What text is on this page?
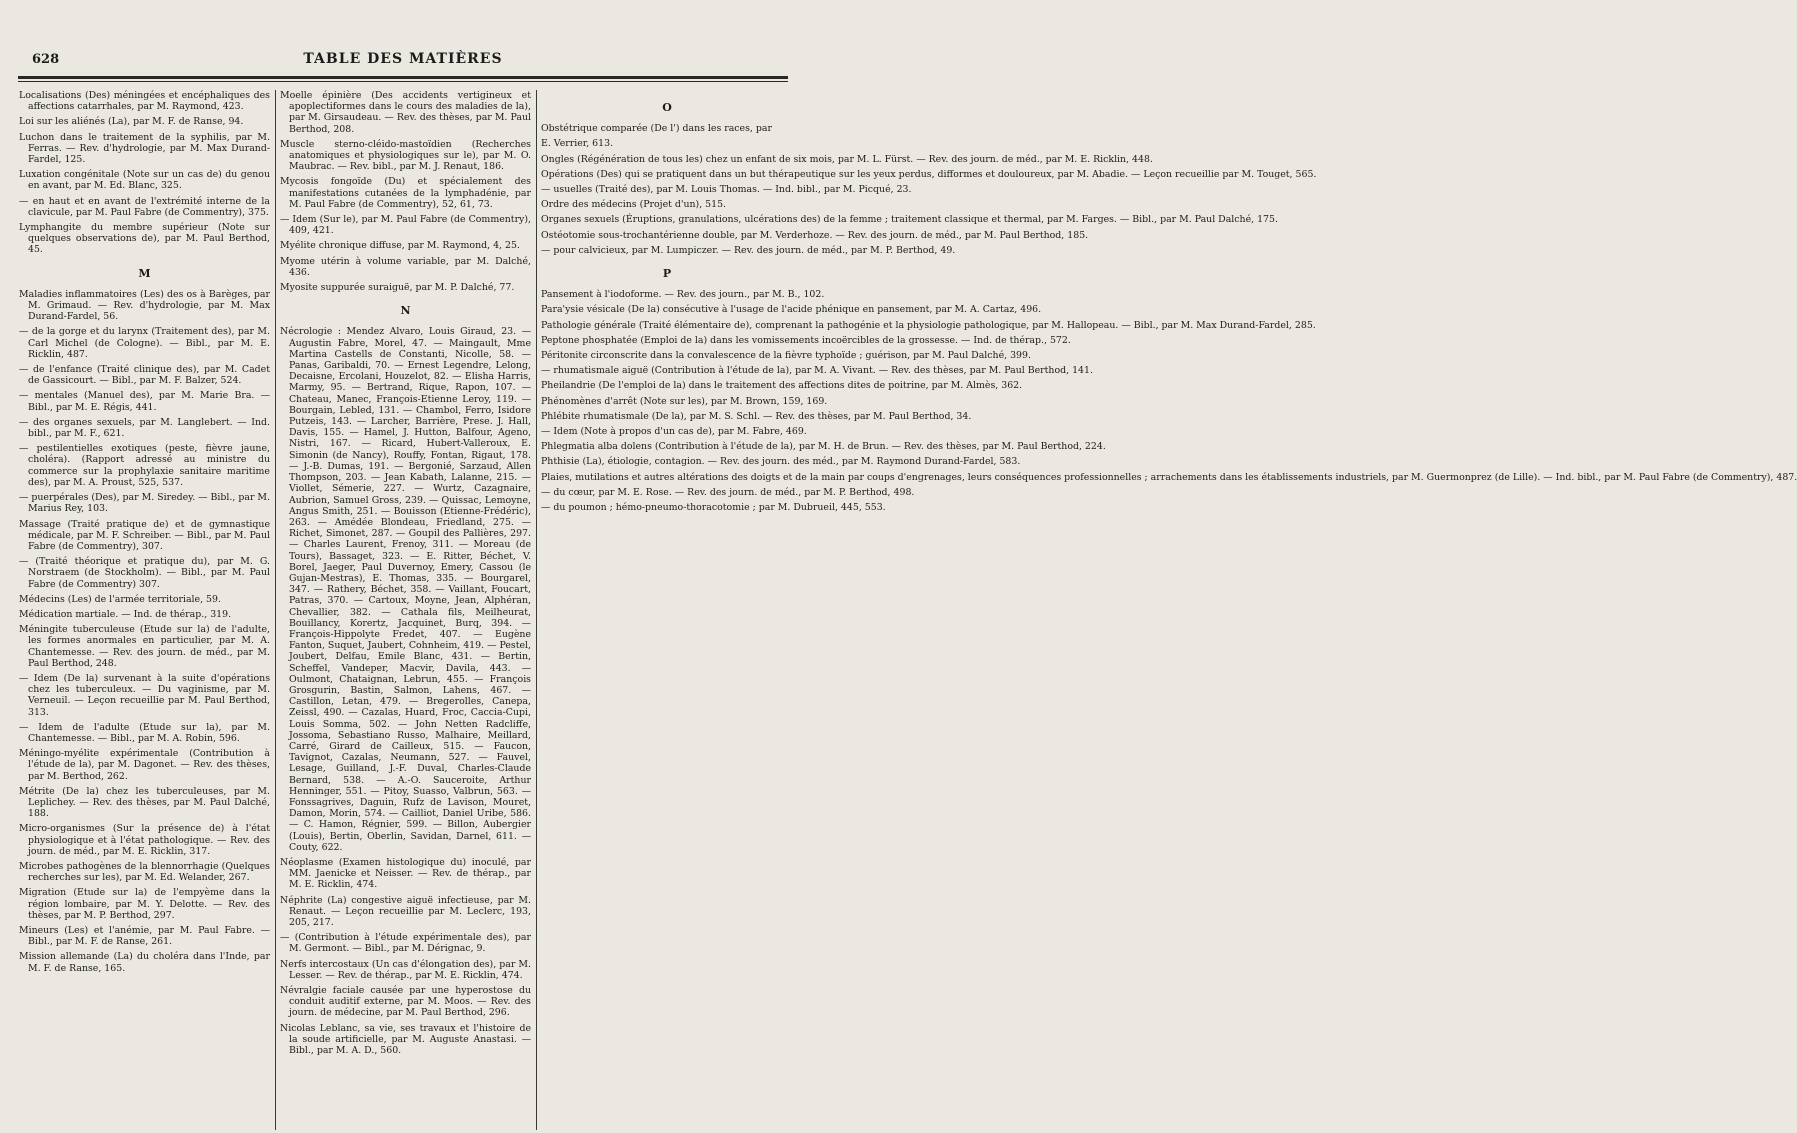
628	TABLE DES MATIÈRES
Localisations (Des) méningées et encéphaliques des affections catarrhales, par M. Raymond, 423.
Loi sur les aliénés (La), par M. F. de Ranse, 94.
Luchon dans le traitement de la syphilis, par M. Ferras. — Rev. d'hydrologie, par M. Max Durand-Fardel, 125.
Luxation congénitale (Note sur un cas de) du genou en avant, par M. Ed. Blanc, 325.
— en haut et en avant de l'extrémité interne de la clavicule, par M. Paul Fabre (de Commentry), 375.
Lymphangite du membre supérieur (Note sur quelques observations de), par M. Paul Berthod, 45.
M
Maladies inflammatoires (Les) des os à Barèges, par M. Grimaud. — Rev. d'hydrologie, par M. Max Durand-Fardel, 56.
— de la gorge et du larynx (Traitement des), par M. Carl Michel (de Cologne). — Bibl., par M. E. Ricklin, 487.
— de l'enfance (Traité clinique des), par M. Cadet de Gassicourt. — Bibl., par M. F. Balzer, 524.
— mentales (Manuel des), par M. Marie Bra. — Bibl., par M. E. Régis, 441.
— des organes sexuels, par M. Langlebert. — Ind. bibl., par M. F., 621.
— pestilentielles exotiques (peste, fièvre jaune, choléra). (Rapport adressé au ministre du commerce sur la prophylaxie sanitaire maritime des), par M. A. Proust, 525, 537.
— puerpérales (Des), par M. Siredey. — Bibl., par M. Marius Rey, 103.
Massage (Traité pratique de) et de gymnastique médicale, par M. F. Schreiber. — Bibl., par M. Paul Fabre (de Commentry), 307.
— (Traité théorique et pratique du), par M. G. Norstraem (de Stockholm). — Bibl., par M. Paul Fabre (de Commentry) 307.
Médecins (Les) de l'armée territoriale, 59.
Médication martiale. — Ind. de thérap., 319.
Méningite tuberculeuse (Etude sur la) de l'adulte, les formes anormales en particulier, par M. A. Chantemesse. — Rev. des journ. de méd., par M. Paul Berthod, 248.
— Idem (De la) survenant à la suite d'opérations chez les tuberculeux. — Du vaginisme, par M. Verneuil. — Leçon recueillie par M. Paul Berthod, 313.
— Idem de l'adulte (Etude sur la), par M. Chantemesse. — Bibl., par M. A. Robin, 596.
Méningo-myélite expérimentale (Contribution à l'étude de la), par M. Dagonet. — Rev. des thèses, par M. Berthod, 262.
Métrite (De la) chez les tuberculeuses, par M. Leplichey. — Rev. des thèses, par M. Paul Dalché, 188.
Micro-organismes (Sur la présence de) à l'état physiologique et à l'état pathologique. — Rev. des journ. de méd., par M. E. Ricklin, 317.
Microbes pathogènes de la blennorrhagie (Quelques recherches sur les), par M. Ed. Welander, 267.
Migration (Etude sur la) de l'empyème dans la région lombaire, par M. Y. Delotte. — Rev. des thèses, par M. P. Berthod, 297.
Mineurs (Les) et l'anémie, par M. Paul Fabre. — Bibl., par M. F. de Ranse, 261.
Mission allemande (La) du choléra dans l'Inde, par M. F. de Ranse, 165.
Moelle épinière (Des accidents vertigineux et apoplectiformes dans le cours des maladies de la), par M. Girsaudeau. — Rev. des thèses, par M. Paul Berthod, 208.
Muscle sterno-cléido-mastoïdien (Recherches anatomiques et physiologiques sur le), par M. O. Maubrac. — Rev. bibl., par M. J. Renaut, 186.
Mycosis fongoïde (Du) et spécialement des manifestations cutanées de la lymphadénie, par M. Paul Fabre (de Commentry), 52, 61, 73.
— Idem (Sur le), par M. Paul Fabre (de Commentry), 409, 421.
Myélite chronique diffuse, par M. Raymond, 4, 25.
Myome utérin à volume variable, par M. Dalché, 436.
Myosite suppurée suraiguë, par M. P. Dalché, 77.
N
Nécrologie : Mendez Alvaro, Louis Giraud, 23. — Augustin Fabre, Morel, 47. — Maingault, Mme Martina Castells de Constanti, Nicolle, 58. — Panas, Garibaldi, 70. — Ernest Legendre, Lelong, Decaisne, Ercolani, Houzelot, 82. — Elisha Harris, Marmy, 95. — Bertrand, Rique, Rapon, 107. — Chateau, Manec, François-Etienne Leroy, 119. — Bourgain, Lebled, 131. — Chambol, Ferro, Isidore Putzeis, 143. — Larcher, Barrière, Prese. J. Hall, Davis, 155. — Hamel, J. Hutton, Balfour, Ageno, Nistri, 167. — Ricard, Hubert-Valleroux, E. Simonin (de Nancy), Rouffy, Fontan, Rigaut, 178. — J.-B. Dumas, 191. — Bergonié, Sarzaud, Allen Thompson, 203. — Jean Kabath, Lalanne, 215. — Viollet, Sémerie, 227. — Wurtz, Cazagnaire, Aubrion, Samuel Gross, 239. — Quissac, Lemoyne, Angus Smith, 251. — Bouisson (Etienne-Frédéric), 263. — Amédée Blondeau, Friedland, 275. — Richet, Simonet, 287. — Goupil des Pallières, 297. — Charles Laurent, Frenoy, 311. — Moreau (de Tours), Bassaget, 323. — E. Ritter, Béchet, V. Borel, Jaeger, Paul Duvernoy, Emery, Cassou (le Gujan-Mestras), E. Thomas, 335. — Bourgarel, 347. — Rathery, Béchet, 358. — Vaillant, Foucart, Patras, 370. — Cartoux, Moyne, Jean, Alphéran, Chevallier, 382. — Cathala fils, Meilheurat, Bouillancy, Korertz, Jacquinet, Burq, 394. — François-Hippolyte Fredet, 407. — Eugène Fanton, Suquet, Jaubert, Cohnheim, 419. — Pestel, Joubert, Delfau, Emile Blanc, 431. — Bertin, Scheffel, Vandeper, Macvir, Davila, 443. — Oulmont, Chataignan, Lebrun, 455. — François Grosgurin, Bastin, Salmon, Lahens, 467. — Castillon, Letan, 479. — Bregerolles, Canepa, Zeissl, 490. — Cazalas, Huard, Froc, Caccia-Cupi, Louis Somma, 502. — John Netten Radcliffe, Jossoma, Sebastiano Russo, Malhaire, Meillard, Carré, Girard de Cailleux, 515. — Faucon, Tavignot, Cazalas, Neumann, 527. — Fauvel, Lesage, Guilland, J.-F. Duval, Charles-Claude Bernard, 538. — A.-O. Sauceroite, Arthur Henninger, 551. — Pitoy, Suasso, Valbrun, 563. — Fonssagrives, Daguin, Rufz de Lavison, Mouret, Damon, Morin, 574. — Cailliot, Daniel Uribe, 586. — C. Hamon, Régnier, 599. — Billon, Aubergier (Louis), Bertin, Oberlin, Savidan, Darnel, 611. — Couty, 622.
Néoplasme (Examen histologique du) inoculé, par MM. Jaenicke et Neisser. — Rev. de thérap., par M. E. Ricklin, 474.
Néphrite (La) congestive aiguë infectieuse, par M. Renaut. — Leçon recueillie par M. Leclerc, 193, 205, 217.
— (Contribution à l'étude expérimentale des), par M. Germont. — Bibl., par M. Dérignac, 9.
Nerfs intercostaux (Un cas d'élongation des), par M. Lesser. — Rev. de thérap., par M. E. Ricklin, 474.
Névralgie faciale causée par une hyperostose du conduit auditif externe, par M. Moos. — Rev. des journ. de médecine, par M. Paul Berthod, 296.
Nicolas Leblanc, sa vie, ses travaux et l'histoire de la soude artificielle, par M. Auguste Anastasi. — Bibl., par M. A. D., 560.
O
Obstétrique comparée (De l') dans les races, par
E. Verrier, 613.
Ongles (Régénération de tous les) chez un enfant de six mois, par M. L. Fürst. — Rev. des journ. de méd., par M. E. Ricklin, 448.
Opérations (Des) qui se pratiquent dans un but thérapeutique sur les yeux perdus, difformes et douloureux, par M. Abadie. — Leçon recueillie par M. Touget, 565.
— usuelles (Traité des), par M. Louis Thomas. — Ind. bibl., par M. Picqué, 23.
Ordre des médecins (Projet d'un), 515.
Organes sexuels (Éruptions, granulations, ulcérations des) de la femme ; traitement classique et thermal, par M. Farges. — Bibl., par M. Paul Dalché, 175.
Ostéotomie sous-trochantérienne double, par M. Verderhoze. — Rev. des journ. de méd., par M. Paul Berthod, 185.
— pour calvicieux, par M. Lumpiczer. — Rev. des journ. de méd., par M. P. Berthod, 49.
P
Pansement à l'iodoforme. — Rev. des journ., par M. B., 102.
Para'ysie vésicale (De la) consécutive à l'usage de l'acide phénique en pansement, par M. A. Cartaz, 496.
Pathologie générale (Traité élémentaire de), comprenant la pathogénie et la physiologie pathologique, par M. Hallopeau. — Bibl., par M. Max Durand-Fardel, 285.
Peptone phosphatée (Emploi de la) dans les vomissements incoërcibles de la grossesse. — Ind. de thérap., 572.
Péritonite circonscrite dans la convalescence de la fièvre typhoïde ; guérison, par M. Paul Dalché, 399.
— rhumatismale aiguë (Contribution à l'étude de la), par M. A. Vivant. — Rev. des thèses, par M. Paul Berthod, 141.
Pheilandrie (De l'emploi de la) dans le traitement des affections dites de poitrine, par M. Almès, 362.
Phénomènes d'arrêt (Note sur les), par M. Brown, 159, 169.
Phlébite rhumatismale (De la), par M. S. Schl. — Rev. des thèses, par M. Paul Berthod, 34.
— Idem (Note à propos d'un cas de), par M. Fabre, 469.
Phlegmatia alba dolens (Contribution à l'étude de la), par M. H. de Brun. — Rev. des thèses, par M. Paul Berthod, 224.
Phthisie (La), étiologie, contagion. — Rev. des journ. des méd., par M. Raymond Durand-Fardel, 583.
Plaies, mutilations et autres altérations des doigts et de la main par coups d'engrenages, leurs conséquences professionnelles ; arrachements dans les établissements industriels, par M. Guermonprez (de Lille). — Ind. bibl., par M. Paul Fabre (de Commentry), 487.
— du cœur, par M. E. Rose. — Rev. des journ. de méd., par M. P. Berthod, 498.
— du poumon ; hémo-pneumo-thoracotomie ; par M. Dubrueil, 445, 553.
